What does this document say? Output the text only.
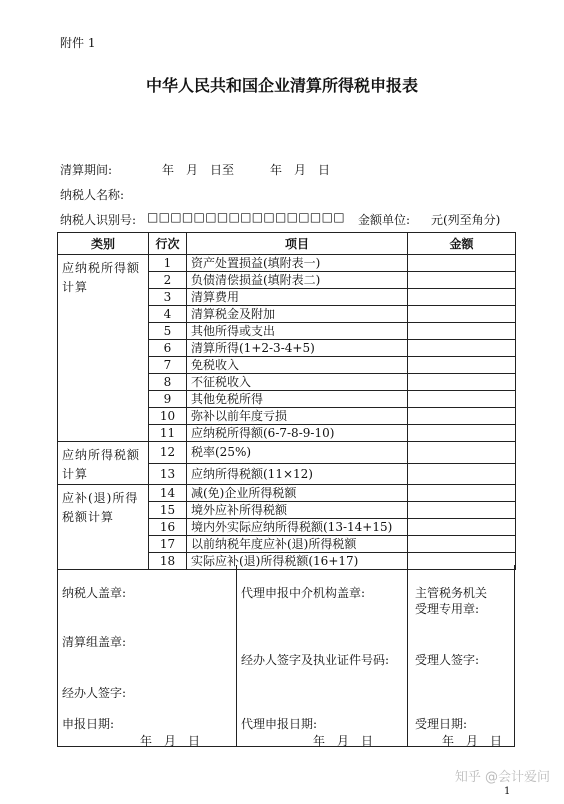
附件 1
中华人民共和国企业清算所得税申报表
清算期间:	年　月　日至　　　年　月　日
纳税人名称:
纳税人识别号: □□□□□□□□□□□□□□□□□ 金额单位: 元(列至角分)
类别	行次	项目	金额
应纳税所得额计算	1	资产处置损益(填附表一)	
	2	负债清偿损益(填附表二)	
	3	清算费用	
	4	清算税金及附加	
	5	其他所得或支出	
	6	清算所得(1+2-3-4+5)	
	7	免税收入	
	8	不征税收入	
	9	其他免税所得	
	10	弥补以前年度亏损	
	11	应纳税所得额(6-7-8-9-10)	
应纳所得税额计算	12	税率(25%)	
	13	应纳所得税额(11×12)	
应补(退)所得税额计算	14	减(免)企业所得税额	
	15	境外应补所得税额	
	16	境内外实际应纳所得税额(13-14+15)	
	17	以前纳税年度应补(退)所得税额	
	18	实际应补(退)所得税额(16+17)	
纳税人盖章:
清算组盖章:
经办人签字:
申报日期:
年　月　日
代理申报中介机构盖章:
经办人签字及执业证件号码:
代理申报日期:
年　月　日
主管税务机关
受理专用章:
受理人签字:
受理日期:
年　月　日
知乎 @会计爱问
1
